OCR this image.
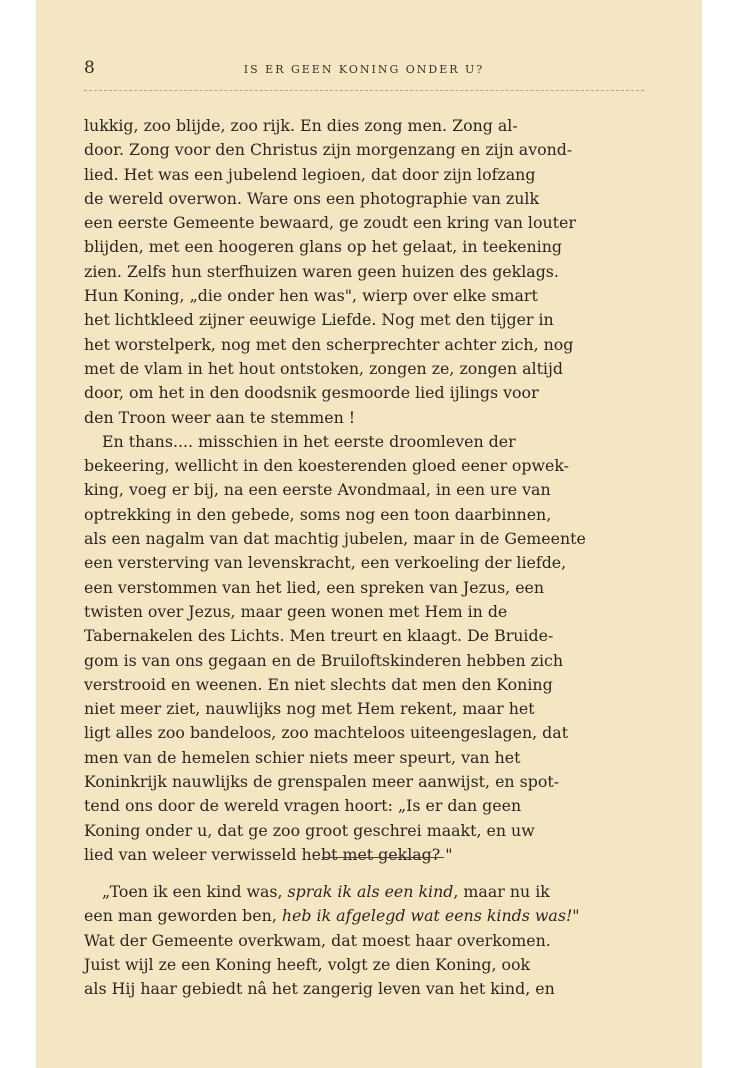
8	IS ER GEEN KONING ONDER U?
lukkig, zoo blijde, zoo rijk. En dies zong men. Zong al-
door. Zong voor den Christus zijn morgenzang en zijn avond-
lied. Het was een jubelend legioen, dat door zijn lofzang
de wereld overwon. Ware ons een photographie van zulk
een eerste Gemeente bewaard, ge zoudt een kring van louter
blijden, met een hoogeren glans op het gelaat, in teekening
zien. Zelfs hun sterfhuizen waren geen huizen des geklags.
Hun Koning, „die onder hen was", wierp over elke smart
het lichtkleed zijner eeuwige Liefde. Nog met den tijger in
het worstelperk, nog met den scherprechter achter zich, nog
met de vlam in het hout ontstoken, zongen ze, zongen altijd
door, om het in den doodsnik gesmoorde lied ijlings voor
den Troon weer aan te stemmen !
En thans.... misschien in het eerste droomleven der
bekeering, wellicht in den koesterenden gloed eener opwek-
king, voeg er bij, na een eerste Avondmaal, in een ure van
optrekking in den gebede, soms nog een toon daarbinnen,
als een nagalm van dat machtig jubelen, maar in de Gemeente
een versterving van levenskracht, een verkoeling der liefde,
een verstommen van het lied, een spreken van Jezus, een
twisten over Jezus, maar geen wonen met Hem in de
Tabernakelen des Lichts. Men treurt en klaagt. De Bruide-
gom is van ons gegaan en de Bruiloftskinderen hebben zich
verstrooid en weenen. En niet slechts dat men den Koning
niet meer ziet, nauwlijks nog met Hem rekent, maar het
ligt alles zoo bandeloos, zoo machteloos uiteengeslagen, dat
men van de hemelen schier niets meer speurt, van het
Koninkrijk nauwlijks de grenspalen meer aanwijst, en spot-
tend ons door de wereld vragen hoort: „Is er dan geen
Koning onder u, dat ge zoo groot geschrei maakt, en uw
lied van weleer verwisseld hebt met geklag? "
„Toen ik een kind was, sprak ik als een kind, maar nu ik
een man geworden ben, heb ik afgelegd wat eens kinds was!"
Wat der Gemeente overkwam, dat moest haar overkomen.
Juist wijl ze een Koning heeft, volgt ze dien Koning, ook
als Hij haar gebiedt nâ het zangerig leven van het kind, en
